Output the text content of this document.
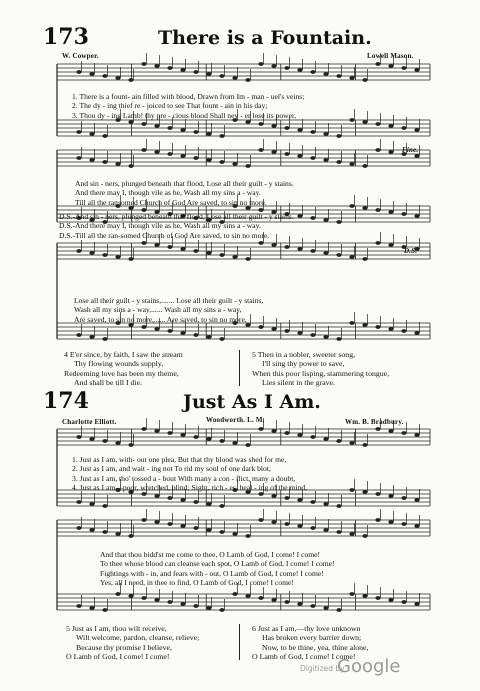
173	There is a Fountain.
W. Cowper.	Lowell Mason.
Fine.
D.S.
1. There is a fount- ain filled with blood, Drawn from Im - man - uel's veins;
2. The dy - ing thief re - joiced to see That fount - ain in his day;
3. Thou dy - ing Lamb! thy pre - cious blood Shall nev - er lose its power,
And sin - ners, plunged beneath that flood, Lose all their guilt - y stains.
And there may I, though vile as he, Wash all my sins a - way.
Till all the ransomed Church of God Are saved, to sin no more.
D.S.-And sin - ners, plunged beneath that flood, Lose all their guilt - y stains.
D.S.-And there may I, though vile as he, Wash all my sins a - way.
D.S.-Till all the ran-somed Church of God Are saved, to sin no more.
Lose all their guilt - y stains,....... Lose all their guilt - y stains,
Wash all my sins a - way,...... Wash all my sins a - way,
Are saved, to sin no more,...... Are saved, to sin no more,
4 E'er since, by faith, I saw the stream
Thy flowing wounds supply,
Redeeming love has been my theme,
And shall be till I die.
5 Then in a nobler, sweeter song,
I'll sing thy power to save,
When this poor lisping, stammering tongue,
Lies silent in the grave.
174	Just As I Am.
Charlotte Elliott.	Woodworth. L. M.	Wm. B. Bradbury.
1. Just as I am, with- out one plea, But that thy blood was shed for me,
2. Just as I am, and wait - ing not To rid my soul of one dark blot,
3. Just as I am, tho' tossed a - bout With many a con - flict, many a doubt,
4. Just as I am—poor, wretched, blind; Sight, rich - es, heal - ing of the mind,
And that thou bidd'st me come to thee, O Lamb of God, I come! I come!
To thee whose blood can cleanse each spot, O Lamb of God, I come! I come!
Fightings with - in, and fears with - out, O Lamb of God, I come! I come!
Yes, all I need, in thee to find, O Lamb of God, I come! I come!
5 Just as I am, thou wilt receive,
Wilt welcome, pardon, cleanse, relieve;
Because thy promise I believe,
O Lamb of God, I come! I come!
6 Just as I am,—thy love unknown
Has broken every barrier down;
Now, to be thine, yea, thine alone,
O Lamb of God, I come! I come!
Digitized by
Google
